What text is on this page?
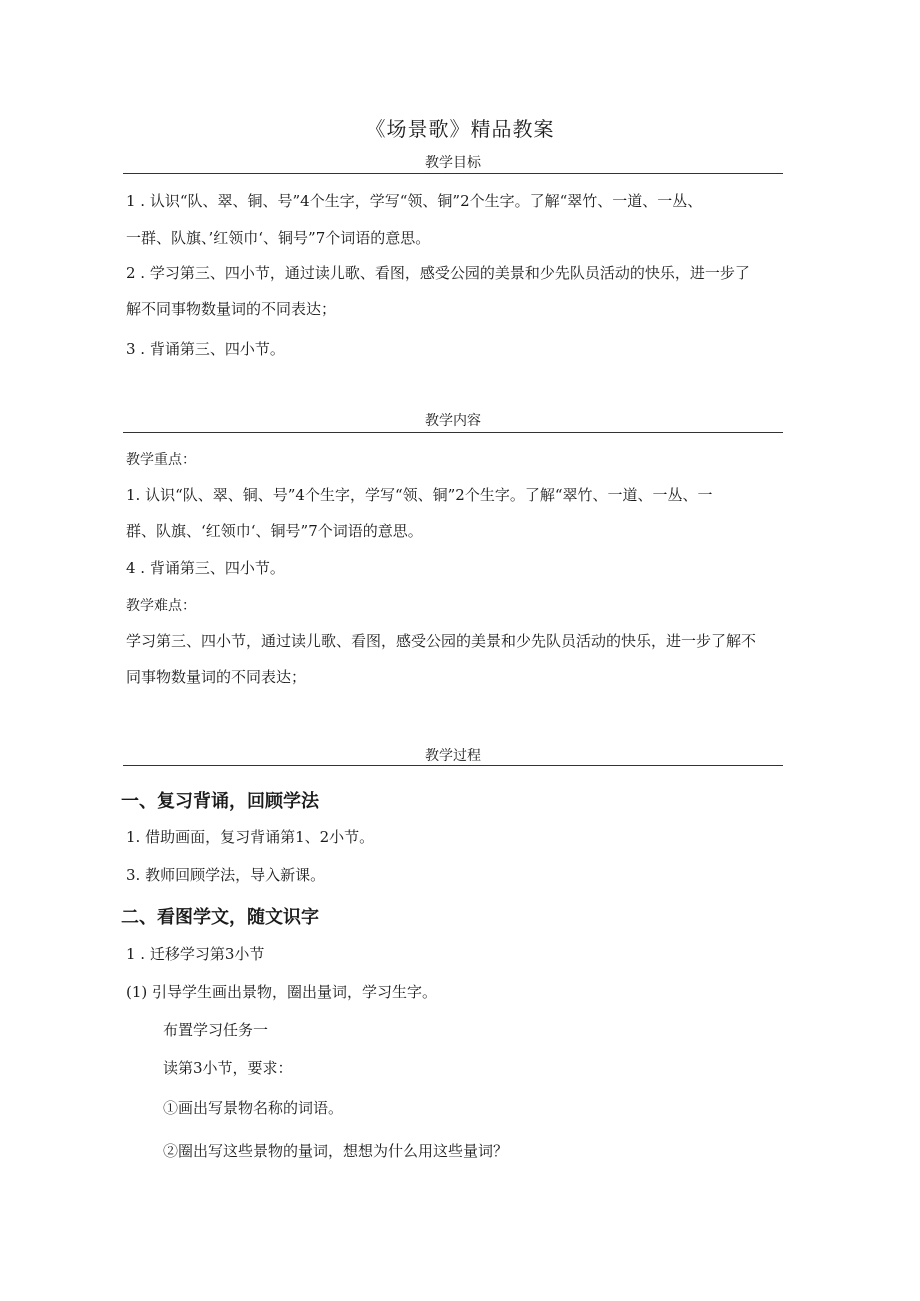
《场景歌》精品教案
教学目标
1 . 认识“队、翠、铜、号”4个生字，学写“领、铜”2个生字。了解“翠竹、一道、一丛、
一群、队旗、’红领巾‘、铜号”7个词语的意思。
2 . 学习第三、四小节，通过读儿歌、看图，感受公园的美景和少先队员活动的快乐，进一步了
解不同事物数量词的不同表达；
3 . 背诵第三、四小节。
教学内容
教学重点：
1. 认识“队、翠、铜、号”4个生字，学写“领、铜”2个生字。了解“翠竹、一道、一丛、一
群、队旗、‘红领巾‘、铜号”7个词语的意思。
4 . 背诵第三、四小节。
教学难点：
学习第三、四小节，通过读儿歌、看图，感受公园的美景和少先队员活动的快乐，进一步了解不
同事物数量词的不同表达；
教学过程
一、复习背诵，回顾学法
1. 借助画面，复习背诵第1、2小节。
3. 教师回顾学法，导入新课。
二、看图学文，随文识字
1 . 迁移学习第3小节
(1) 引导学生画出景物，圈出量词，学习生字。
布置学习任务一
读第3小节，要求：
①画出写景物名称的词语。
②圈出写这些景物的量词，想想为什么用这些量词？
